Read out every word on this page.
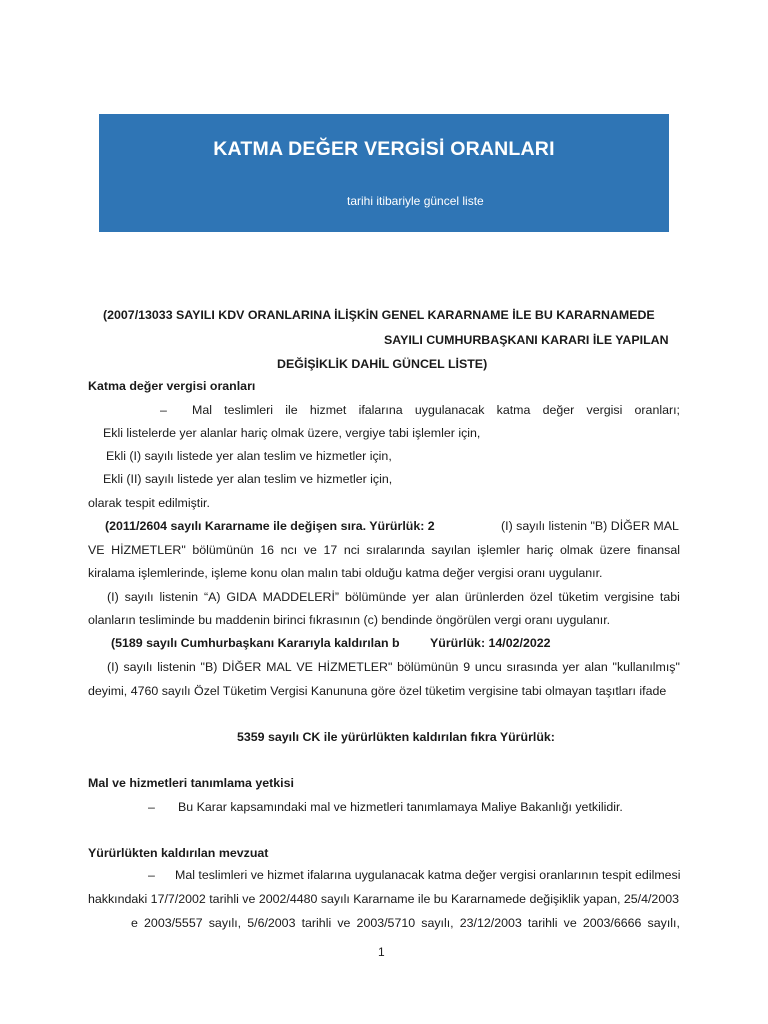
KATMA DEĞER VERGİSİ ORANLARI
tarihi itibariyle güncel liste
(2007/13033 SAYILI KDV ORANLARINA İLİŞKİN GENEL KARARNAME İLE BU KARARNAMEDE
SAYILI CUMHURBAŞKANI KARARI İLE YAPILAN
DEĞİŞİKLİK DAHİL GÜNCEL LİSTE)
Katma değer vergisi oranları
– Mal teslimleri ile hizmet ifalarına uygulanacak katma değer vergisi oranları;
Ekli listelerde yer alanlar hariç olmak üzere, vergiye tabi işlemler için,
Ekli (I) sayılı listede yer alan teslim ve hizmetler için,
Ekli (II) sayılı listede yer alan teslim ve hizmetler için,
olarak tespit edilmiştir.
(2011/2604 sayılı Kararname ile değişen sıra. Yürürlük: 2	(I) sayılı listenin "B) DİĞER MAL
VE HİZMETLER" bölümünün 16 ncı ve 17 nci sıralarında sayılan işlemler hariç olmak üzere finansal
kiralama işlemlerinde, işleme konu olan malın tabi olduğu katma değer vergisi oranı uygulanır.
(I) sayılı listenin “A) GIDA MADDELERİ” bölümünde yer alan ürünlerden özel tüketim vergisine tabi
olanların tesliminde bu maddenin birinci fıkrasının (c) bendinde öngörülen vergi oranı uygulanır.
(5189 sayılı Cumhurbaşkanı Kararıyla kaldırılan b Yürürlük: 14/02/2022
(I) sayılı listenin "B) DİĞER MAL VE HİZMETLER" bölümünün 9 uncu sırasında yer alan "kullanılmış"
deyimi, 4760 sayılı Özel Tüketim Vergisi Kanununa göre özel tüketim vergisine tabi olmayan taşıtları ifade
5359 sayılı CK ile yürürlükten kaldırılan fıkra Yürürlük:
Mal ve hizmetleri tanımlama yetkisi
– Bu Karar kapsamındaki mal ve hizmetleri tanımlamaya Maliye Bakanlığı yetkilidir.
Yürürlükten kaldırılan mevzuat
– Mal teslimleri ve hizmet ifalarına uygulanacak katma değer vergisi oranlarının tespit edilmesi
hakkındaki 17/7/2002 tarihli ve 2002/4480 sayılı Kararname ile bu Kararnamede değişiklik yapan, 25/4/2003
e 2003/5557 sayılı, 5/6/2003 tarihli ve 2003/5710 sayılı, 23/12/2003 tarihli ve 2003/6666 sayılı,
1
